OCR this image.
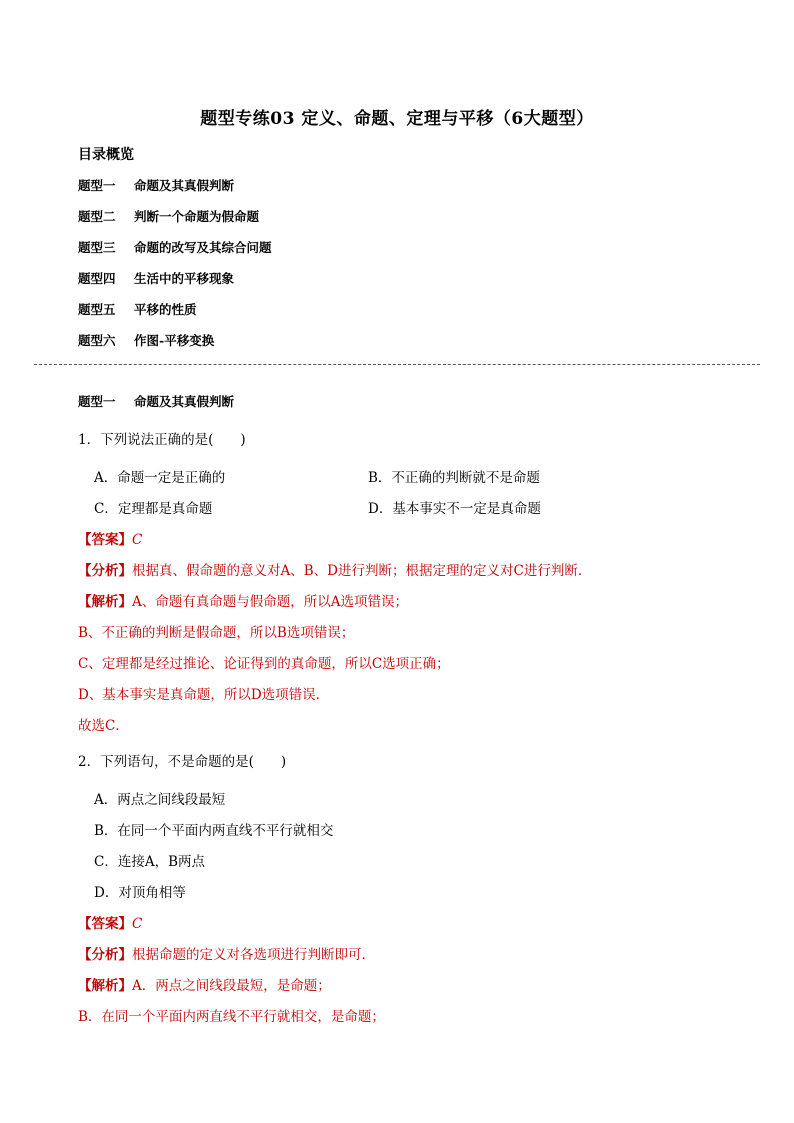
题型专练03 定义、命题、定理与平移（6大题型）
目录概览
题型一 命题及其真假判断
题型二 判断一个命题为假命题
题型三 命题的改写及其综合问题
题型四 生活中的平移现象
题型五 平移的性质
题型六 作图-平移变换
题型一 命题及其真假判断
1．下列说法正确的是(　　)
A．命题一定是正确的	B．不正确的判断就不是命题
C．定理都是真命题	D．基本事实不一定是真命题
【答案】C
【分析】根据真、假命题的意义对A、B、D进行判断；根据定理的定义对C进行判断．
【解析】A、命题有真命题与假命题，所以A选项错误；
B、不正确的判断是假命题，所以B选项错误；
C、定理都是经过推论、论证得到的真命题，所以C选项正确；
D、基本事实是真命题，所以D选项错误．
故选C．
2．下列语句，不是命题的是(　　)
A．两点之间线段最短
B．在同一个平面内两直线不平行就相交
C．连接A，B两点
D．对顶角相等
【答案】C
【分析】根据命题的定义对各选项进行判断即可．
【解析】A．两点之间线段最短，是命题；
B．在同一个平面内两直线不平行就相交，是命题；
